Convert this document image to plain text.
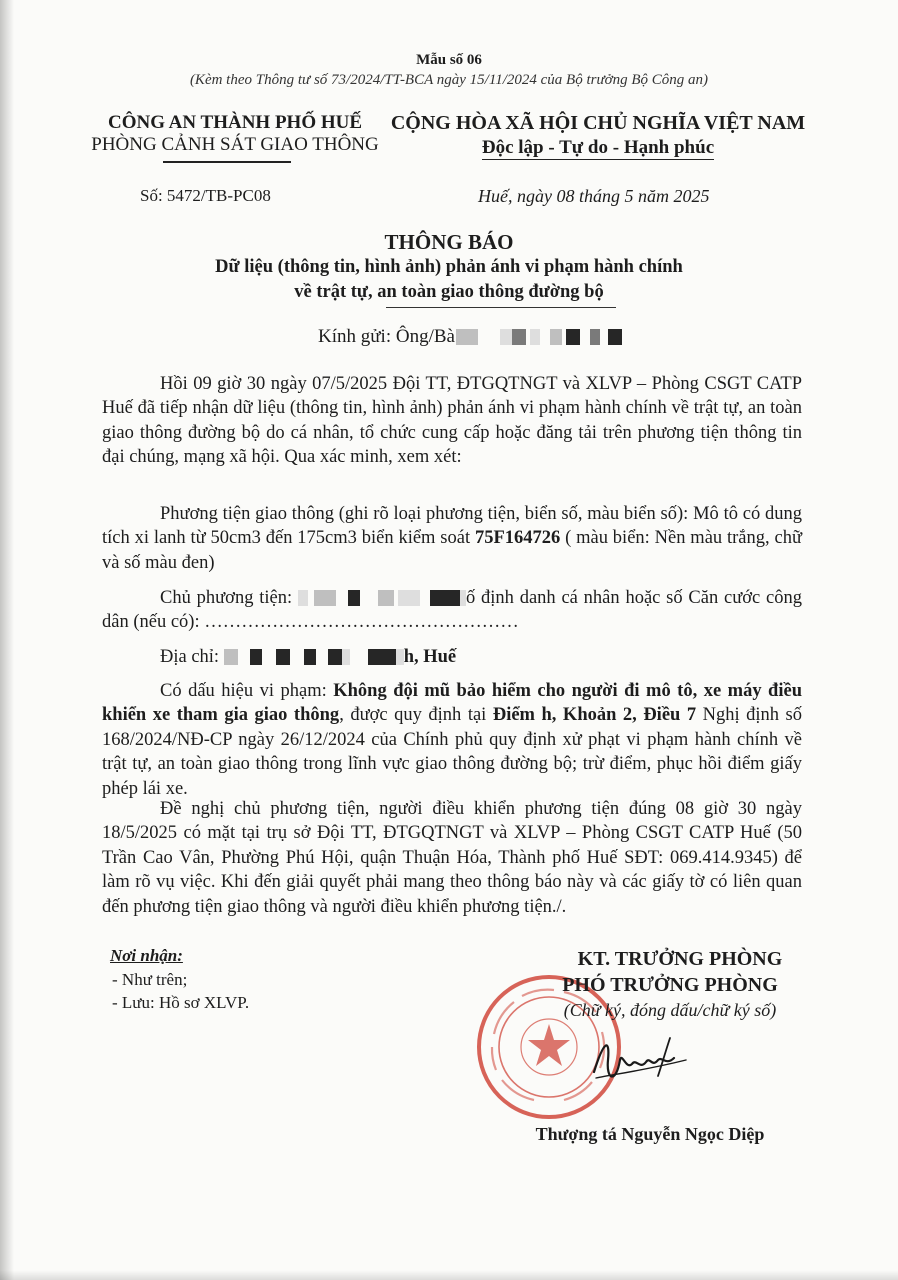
Mẫu số 06
(Kèm theo Thông tư số 73/2024/TT-BCA ngày 15/11/2024 của Bộ trưởng Bộ Công an)
CÔNG AN THÀNH PHỐ HUẾ
PHÒNG CẢNH SÁT GIAO THÔNG
CỘNG HÒA XÃ HỘI CHỦ NGHĨA VIỆT NAM
Độc lập - Tự do - Hạnh phúc
Số: 5472/TB-PC08	Huế, ngày 08 tháng 5 năm 2025
THÔNG BÁO
Dữ liệu (thông tin, hình ảnh) phản ánh vi phạm hành chính
về trật tự, an toàn giao thông đường bộ
Kính gửi: Ông/Bà
Hồi 09 giờ 30 ngày 07/5/2025 Đội TT, ĐTGQTNGT và XLVP – Phòng CSGT CATP Huế đã tiếp nhận dữ liệu (thông tin, hình ảnh) phản ánh vi phạm hành chính về trật tự, an toàn giao thông đường bộ do cá nhân, tổ chức cung cấp hoặc đăng tải trên phương tiện thông tin đại chúng, mạng xã hội. Qua xác minh, xem xét:
Phương tiện giao thông (ghi rõ loại phương tiện, biển số, màu biển số): Mô tô có dung tích xi lanh từ 50cm3 đến 175cm3 biển kiểm soát 75F164726 ( màu biển: Nền màu trắng, chữ và số màu đen)
Chủ phương tiện:	ố định danh cá nhân hoặc số Căn cước công dân (nếu có): ……………………………………………
Địa chỉ:	h, Huế
Có dấu hiệu vi phạm: Không đội mũ bảo hiểm cho người đi mô tô, xe máy điều khiển xe tham gia giao thông, được quy định tại Điểm h, Khoản 2, Điều 7 Nghị định số 168/2024/NĐ-CP ngày 26/12/2024 của Chính phủ quy định xử phạt vi phạm hành chính về trật tự, an toàn giao thông trong lĩnh vực giao thông đường bộ; trừ điểm, phục hồi điểm giấy phép lái xe.
Đề nghị chủ phương tiện, người điều khiển phương tiện đúng 08 giờ 30 ngày 18/5/2025 có mặt tại trụ sở Đội TT, ĐTGQTNGT và XLVP – Phòng CSGT CATP Huế (50 Trần Cao Vân, Phường Phú Hội, quận Thuận Hóa, Thành phố Huế SĐT: 069.414.9345) để làm rõ vụ việc. Khi đến giải quyết phải mang theo thông báo này và các giấy tờ có liên quan đến phương tiện giao thông và người điều khiển phương tiện./.
Nơi nhận:
- Như trên;
- Lưu: Hồ sơ XLVP.
KT. TRƯỞNG PHÒNG
PHÓ TRƯỞNG PHÒNG
(Chữ ký, đóng dấu/chữ ký số)
Thượng tá Nguyễn Ngọc Diệp
